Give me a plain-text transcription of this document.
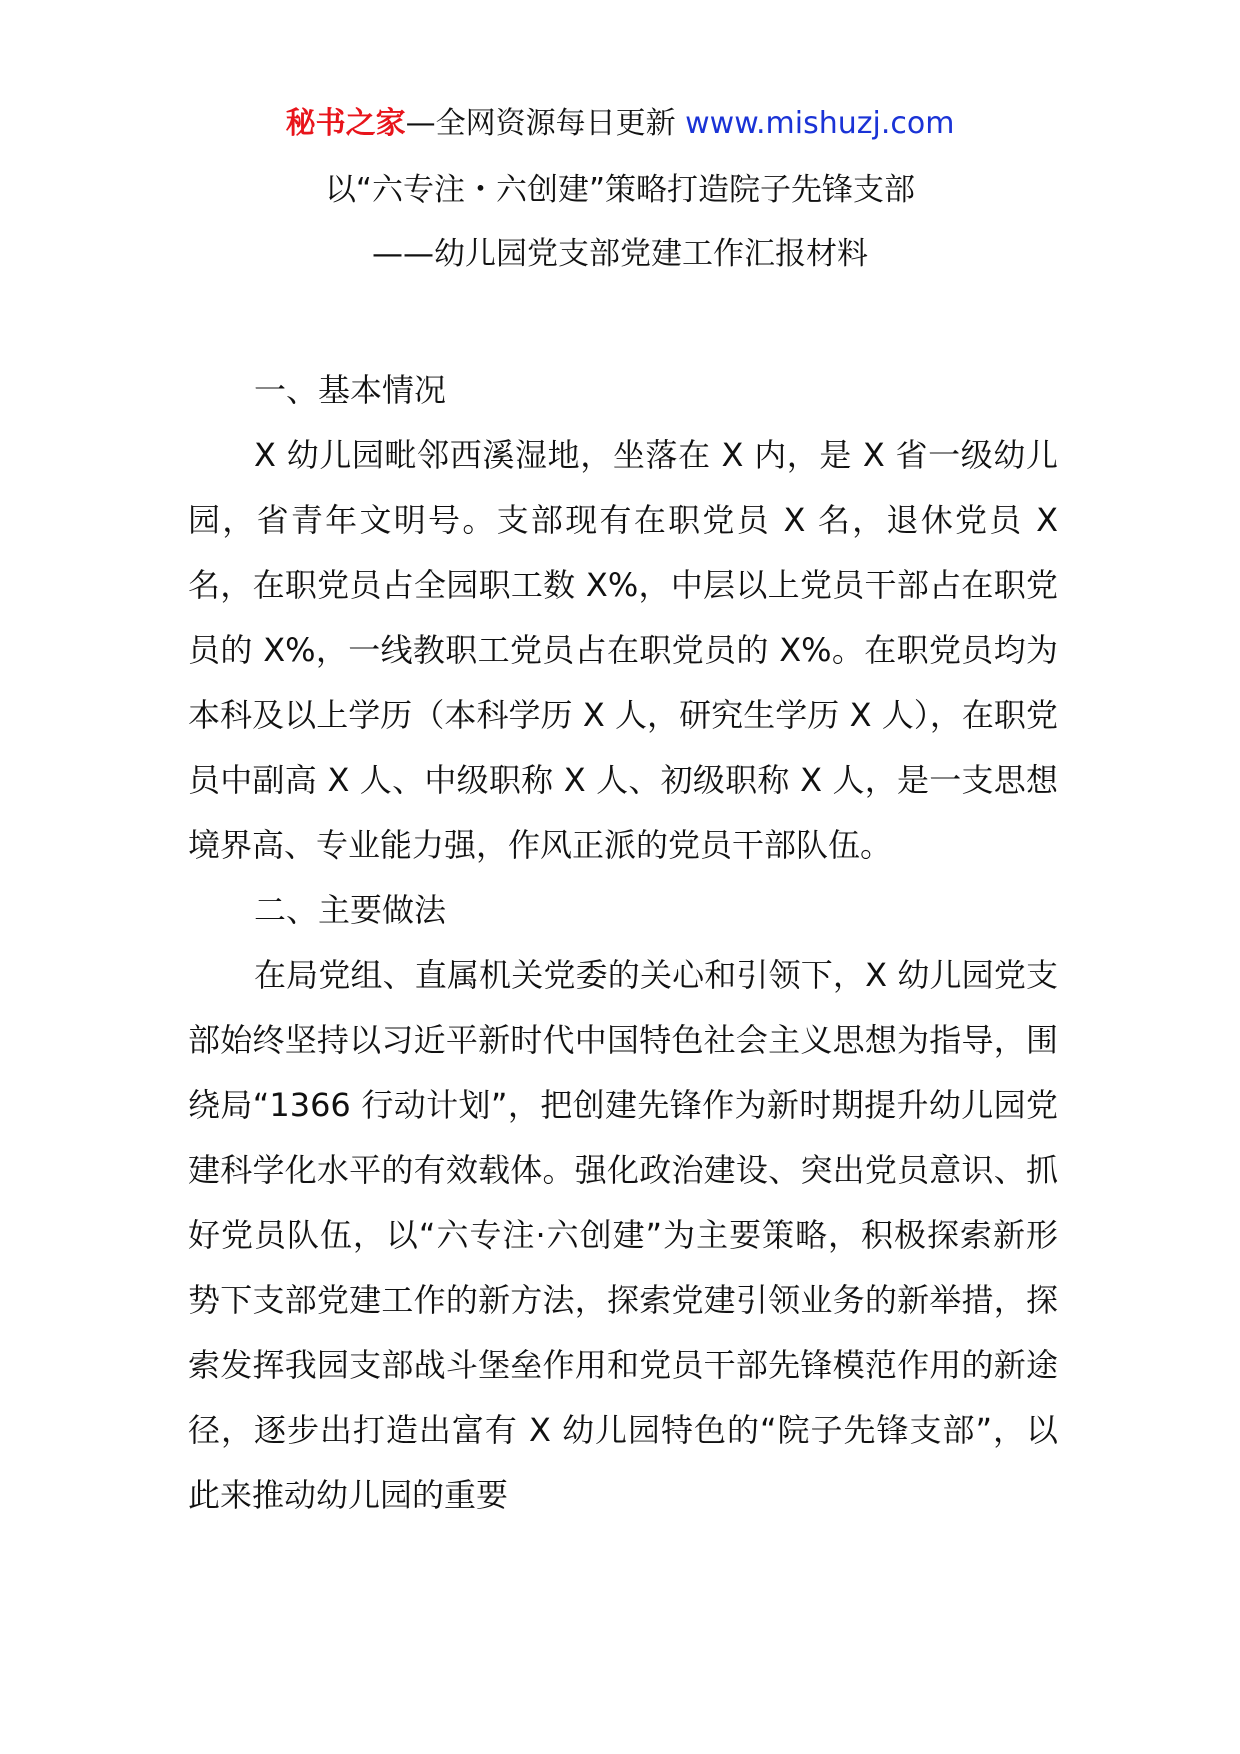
秘书之家—全网资源每日更新 www.mishuzj.com
以“六专注・六创建”策略打造院子先锋支部
——幼儿园党支部党建工作汇报材料

一、基本情况

X 幼儿园毗邻西溪湿地，坐落在 X 内，是 X 省一级幼儿园，省青年文明号。支部现有在职党员 X 名，退休党员 X 名，在职党员占全园职工数 X%，中层以上党员干部占在职党员的 X%，一线教职工党员占在职党员的 X%。在职党员均为本科及以上学历（本科学历 X 人，研究生学历 X 人），在职党员中副高 X 人、中级职称 X 人、初级职称 X 人，是一支思想境界高、专业能力强，作风正派的党员干部队伍。

二、主要做法

在局党组、直属机关党委的关心和引领下，X 幼儿园党支部始终坚持以习近平新时代中国特色社会主义思想为指导，围绕局“1366 行动计划”，把创建先锋作为新时期提升幼儿园党建科学化水平的有效载体。强化政治建设、突出党员意识、抓好党员队伍，以“六专注·六创建”为主要策略，积极探索新形势下支部党建工作的新方法，探索党建引领业务的新举措，探索发挥我园支部战斗堡垒作用和党员干部先锋模范作用的新途径，逐步出打造出富有 X 幼儿园特色的“院子先锋支部”，以此来推动幼儿园的重要
